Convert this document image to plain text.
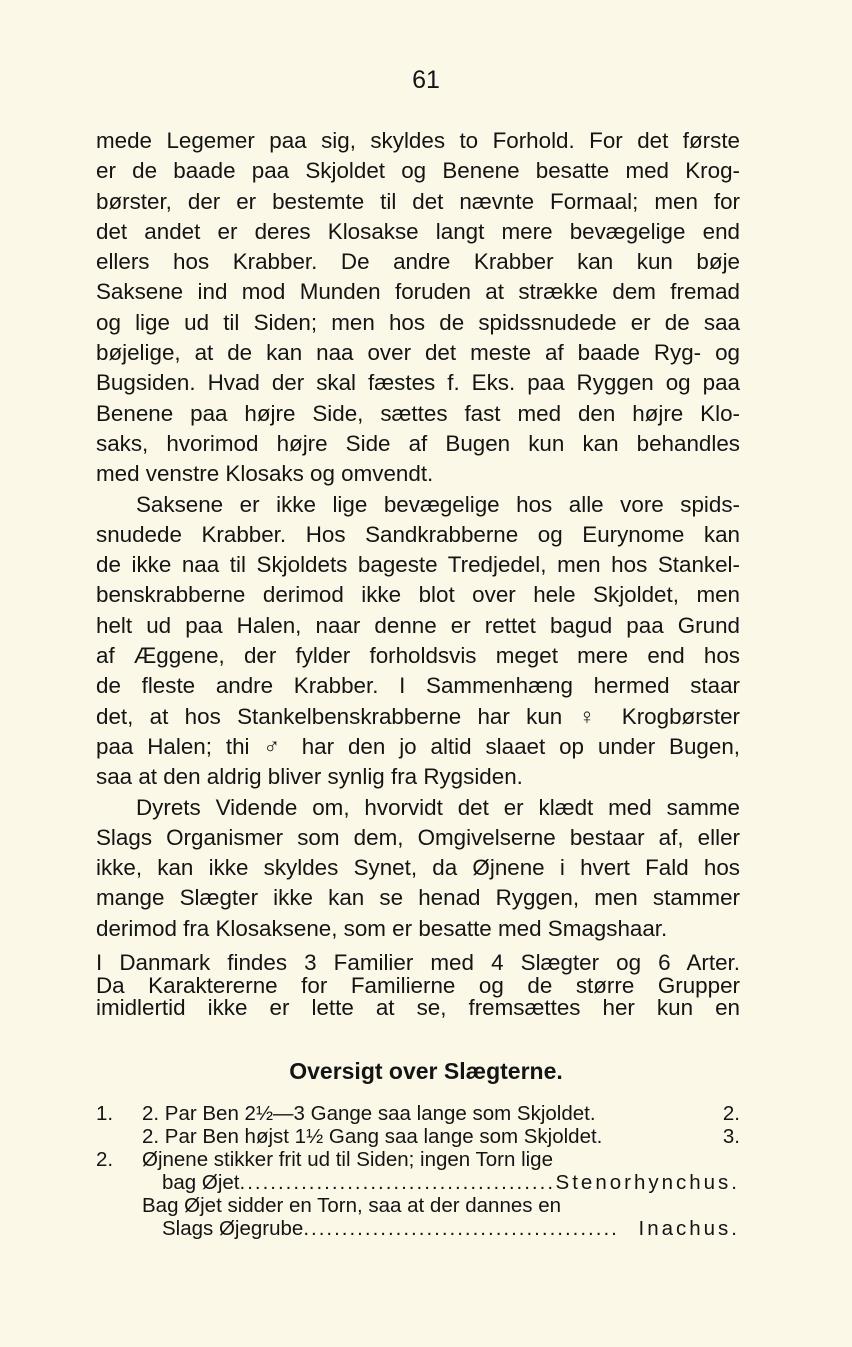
61

mede Legemer paa sig, skyldes to Forhold. For det første
er de baade paa Skjoldet og Benene besatte med Krog-
børster, der er bestemte til det nævnte Formaal; men for
det andet er deres Klosakse langt mere bevægelige end
ellers hos Krabber. De andre Krabber kan kun bøje
Saksene ind mod Munden foruden at strække dem fremad
og lige ud til Siden; men hos de spidssnudede er de saa
bøjelige, at de kan naa over det meste af baade Ryg- og
Bugsiden. Hvad der skal fæstes f. Eks. paa Ryggen og paa
Benene paa højre Side, sættes fast med den højre Klo-
saks, hvorimod højre Side af Bugen kun kan behandles
med venstre Klosaks og omvendt.

Saksene er ikke lige bevægelige hos alle vore spids-
snudede Krabber. Hos Sandkrabberne og Eurynome kan
de ikke naa til Skjoldets bageste Tredjedel, men hos Stankel-
benskrabberne derimod ikke blot over hele Skjoldet, men
helt ud paa Halen, naar denne er rettet bagud paa Grund
af Æggene, der fylder forholdsvis meget mere end hos
de fleste andre Krabber. I Sammenhæng hermed staar
det, at hos Stankelbenskrabberne har kun ♀ Krogbørster
paa Halen; thi ♂ har den jo altid slaaet op under Bugen,
saa at den aldrig bliver synlig fra Rygsiden.

Dyrets Vidende om, hvorvidt det er klædt med samme
Slags Organismer som dem, Omgivelserne bestaar af, eller
ikke, kan ikke skyldes Synet, da Øjnene i hvert Fald hos
mange Slægter ikke kan se henad Ryggen, men stammer
derimod fra Klosaksene, som er besatte med Smagshaar.

I Danmark findes 3 Familier med 4 Slægter og 6 Arter.
Da Karaktererne for Familierne og de større Grupper
imidlertid ikke er lette at se, fremsættes her kun en
Oversigt over Slægterne.
1.	2. Par Ben 2½—3 Gange saa lange som Skjoldet.	2.
2. Par Ben højst 1½ Gang saa lange som Skjoldet.	3.
2.	Øjnene stikker frit ud til Siden; ingen Torn lige
bag Øjet ......................................... Stenorhynchus.
Bag Øjet sidder en Torn, saa at der dannes en
Slags Øjegrube ......................................... Inachus.
